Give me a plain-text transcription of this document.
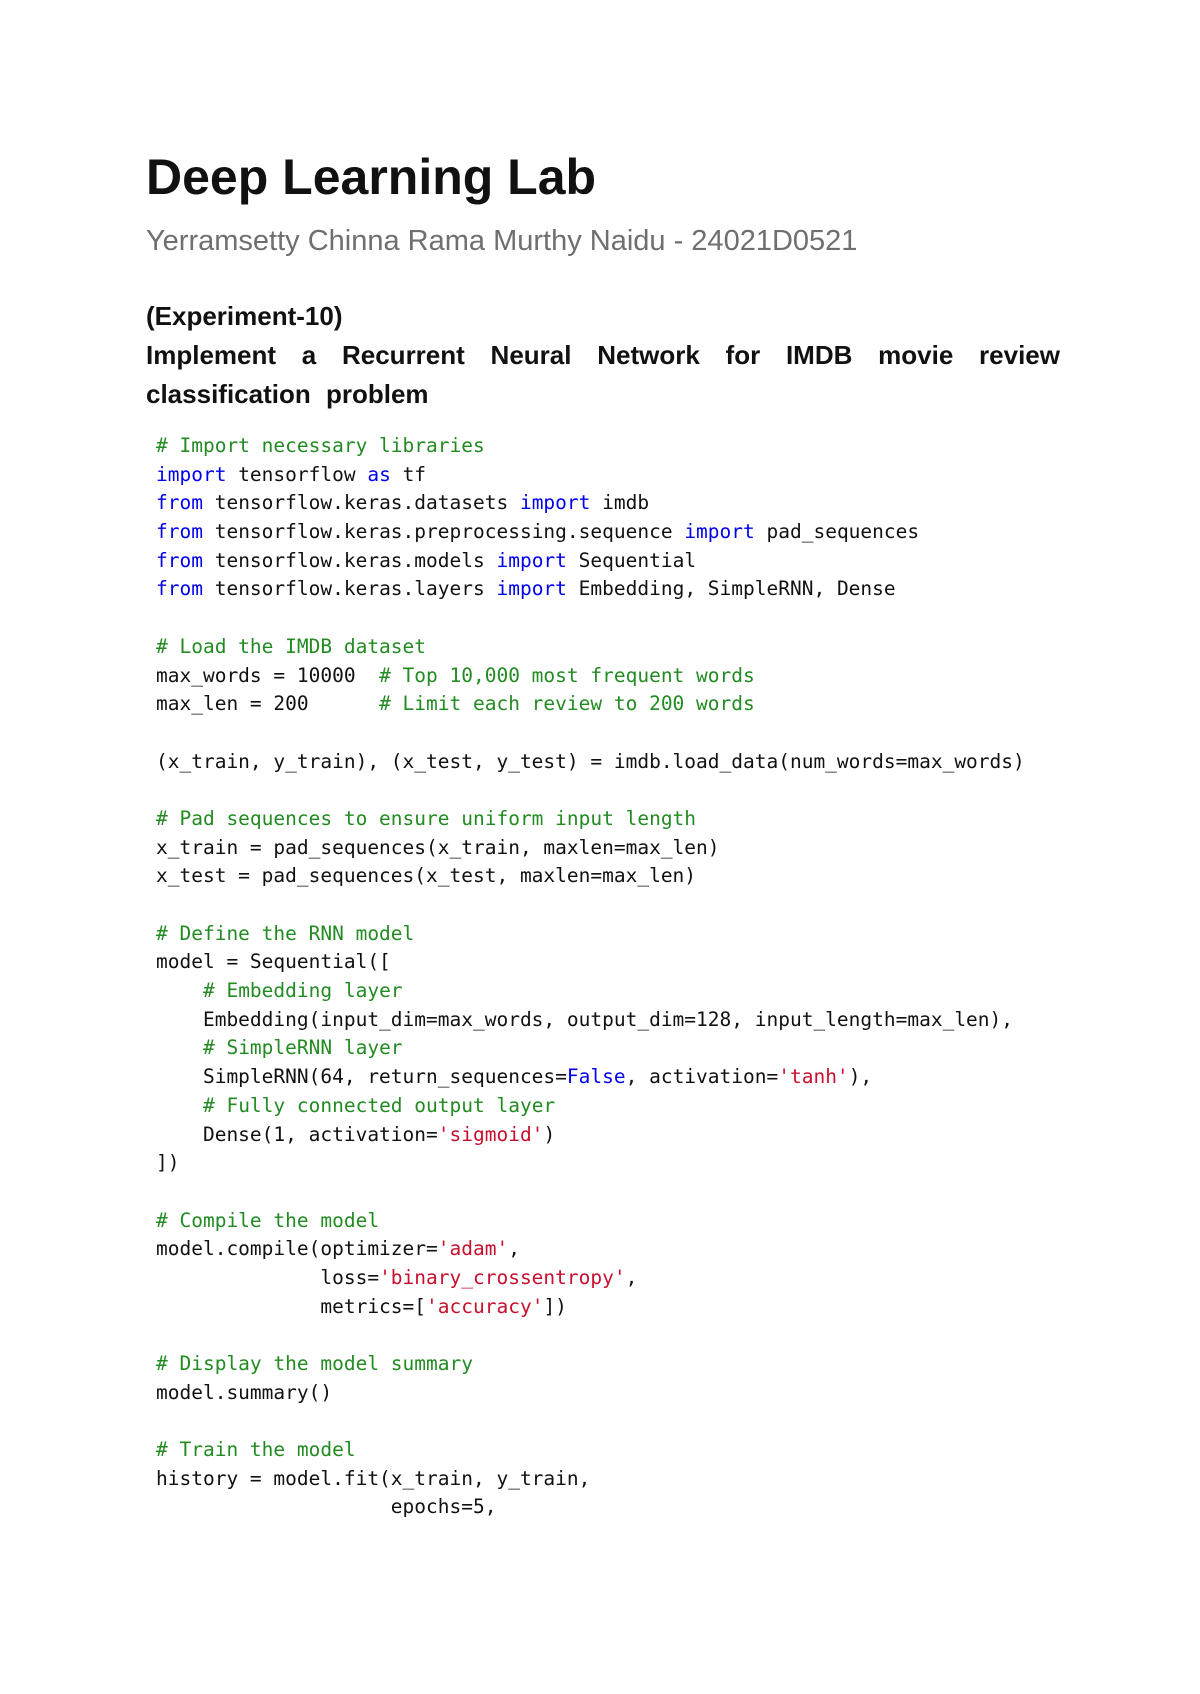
Deep Learning Lab
Yerramsetty Chinna Rama Murthy Naidu - 24021D0521
(Experiment-10)

Implement a Recurrent Neural Network for IMDB movie review classification problem

# Import necessary libraries
import tensorflow as tf
from tensorflow.keras.datasets import imdb
from tensorflow.keras.preprocessing.sequence import pad_sequences
from tensorflow.keras.models import Sequential
from tensorflow.keras.layers import Embedding, SimpleRNN, Dense

# Load the IMDB dataset
max_words = 10000  # Top 10,000 most frequent words
max_len = 200      # Limit each review to 200 words

(x_train, y_train), (x_test, y_test) = imdb.load_data(num_words=max_words)

# Pad sequences to ensure uniform input length
x_train = pad_sequences(x_train, maxlen=max_len)
x_test = pad_sequences(x_test, maxlen=max_len)

# Define the RNN model
model = Sequential([
# Embedding layer
Embedding(input_dim=max_words, output_dim=128, input_length=max_len),
# SimpleRNN layer
SimpleRNN(64, return_sequences=False, activation='tanh'),
# Fully connected output layer
Dense(1, activation='sigmoid')
])

# Compile the model
model.compile(optimizer='adam',
loss='binary_crossentropy',
metrics=['accuracy'])

# Display the model summary
model.summary()

# Train the model
history = model.fit(x_train, y_train,
epochs=5,
